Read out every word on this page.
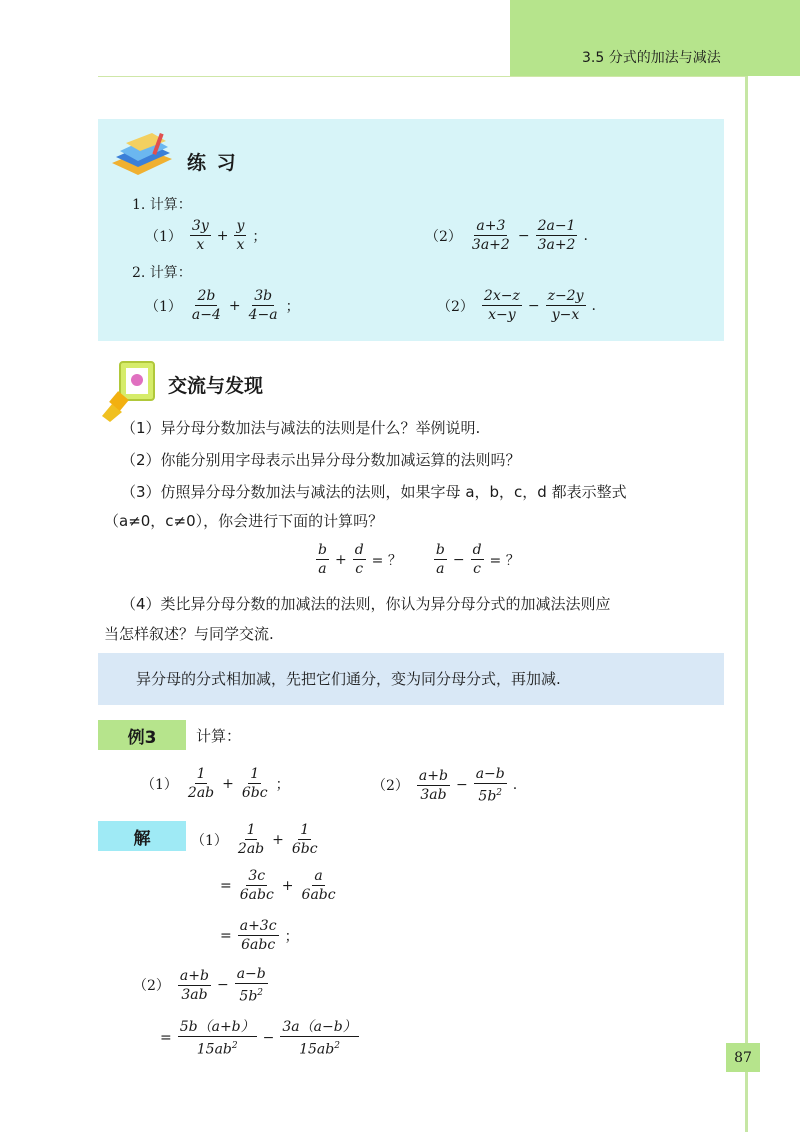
3.5 分式的加法与减法
练 习
1. 计算：
$(1) \frac{3y}{x} + \frac{y}{x}$ ；	$(2) \frac{a+3}{3a+2} - \frac{2a-1}{3a+2}$ .
2. 计算：
$(1) \frac{2b}{a-4} + \frac{3b}{4-a}$ ；	$(2) \frac{2x-z}{x-y} - \frac{z-2y}{y-x}$ .
交流与发现
（1）异分母分数加法与减法的法则是什么？举例说明.
（2）你能分别用字母表示出异分母分数加减运算的法则吗？
（3）仿照异分母分数加法与减法的法则，如果字母 a，b，c，d 都表示整式
（a≠0，c≠0），你会进行下面的计算吗？
$\frac{b}{a} + \frac{d}{c}$ = ？ $\frac{b}{a} - \frac{d}{c}$ = ？
（4）类比异分母分数的加减法的法则，你认为异分母分式的加减法法则应
当怎样叙述？与同学交流.
异分母的分式相加减，先把它们通分，变为同分母分式，再加减.
例3	计算：
$(1) \frac{1}{2ab} + \frac{1}{6bc}$ ；	$(2) \frac{a+b}{3ab} - \frac{a-b}{5b^2}$ .
解	$(1) \frac{1}{2ab} + \frac{1}{6bc}$
= $\frac{3c}{\text{6abc}} + \frac{a}{\text{6abc}}$
= $\frac{a+3c}{\text{6abc}}$ ；
$(2) \frac{a+b}{3ab} - \frac{a-b}{5b^2}$
= $\frac{5b(a+b)}{15ab^2} - \frac{3a(a-b)}{15ab^2}$	87
